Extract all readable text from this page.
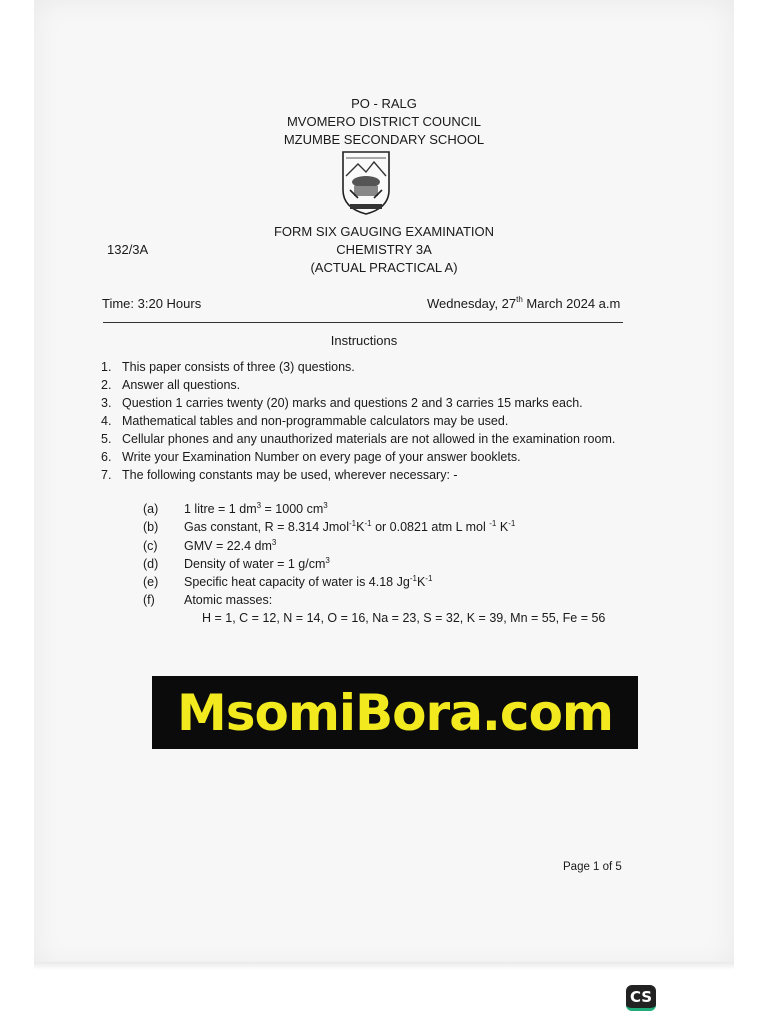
PO - RALG
MVOMERO DISTRICT COUNCIL
MZUMBE SECONDARY SCHOOL
FORM SIX GAUGING EXAMINATION
CHEMISTRY 3A
(ACTUAL PRACTICAL A)
132/3A
Time: 3:20 Hours	Wednesday, 27th March 2024 a.m
Instructions
1. This paper consists of three (3) questions.
2. Answer all questions.
3. Question 1 carries twenty (20) marks and questions 2 and 3 carries 15 marks each.
4. Mathematical tables and non-programmable calculators may be used.
5. Cellular phones and any unauthorized materials are not allowed in the examination room.
6. Write your Examination Number on every page of your answer booklets.
7. The following constants may be used, wherever necessary: -
(a) 1 litre = 1 $dm^3 = 1000$ $cm^3$
(b) Gas constant, R = 8.314 $Jmol^{-1}K^{-1}$ or 0.0821 atm L mol $^{-1}$ $K^{-1}$
(c) GMV = 22.4 $dm^3$
(d) Density of water = 1 $g/cm^3$
(e) Specific heat capacity of water is 4.18 $Jg^{-1}K^{-1}$
(f) Atomic masses:
H = 1, C = 12, N = 14, O = 16, Na = 23, S = 32, K = 39, Mn = 55, Fe = 56
MsomiBora.com
Page 1 of 5
CS
